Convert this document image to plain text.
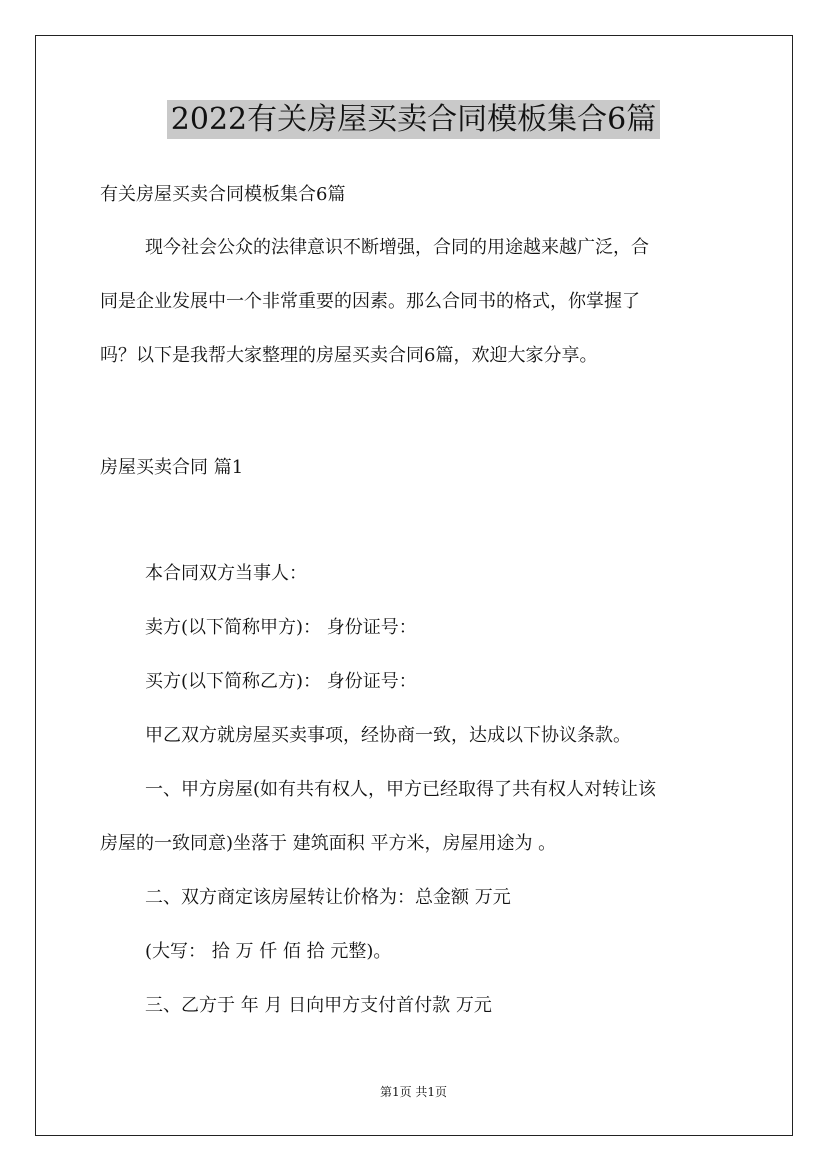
2022有关房屋买卖合同模板集合6篇
有关房屋买卖合同模板集合6篇
现今社会公众的法律意识不断增强，合同的用途越来越广泛，合
同是企业发展中一个非常重要的因素。那么合同书的格式，你掌握了
吗？以下是我帮大家整理的房屋买卖合同6篇，欢迎大家分享。
房屋买卖合同 篇1
本合同双方当事人：
卖方(以下简称甲方)： 身份证号：
买方(以下简称乙方)： 身份证号：
甲乙双方就房屋买卖事项，经协商一致，达成以下协议条款。
一、甲方房屋(如有共有权人，甲方已经取得了共有权人对转让该
房屋的一致同意)坐落于 建筑面积 平方米，房屋用途为 。
二、双方商定该房屋转让价格为：总金额 万元
(大写： 拾 万 仟 佰 拾 元整)。
三、乙方于 年 月 日向甲方支付首付款 万元
第1页 共1页
